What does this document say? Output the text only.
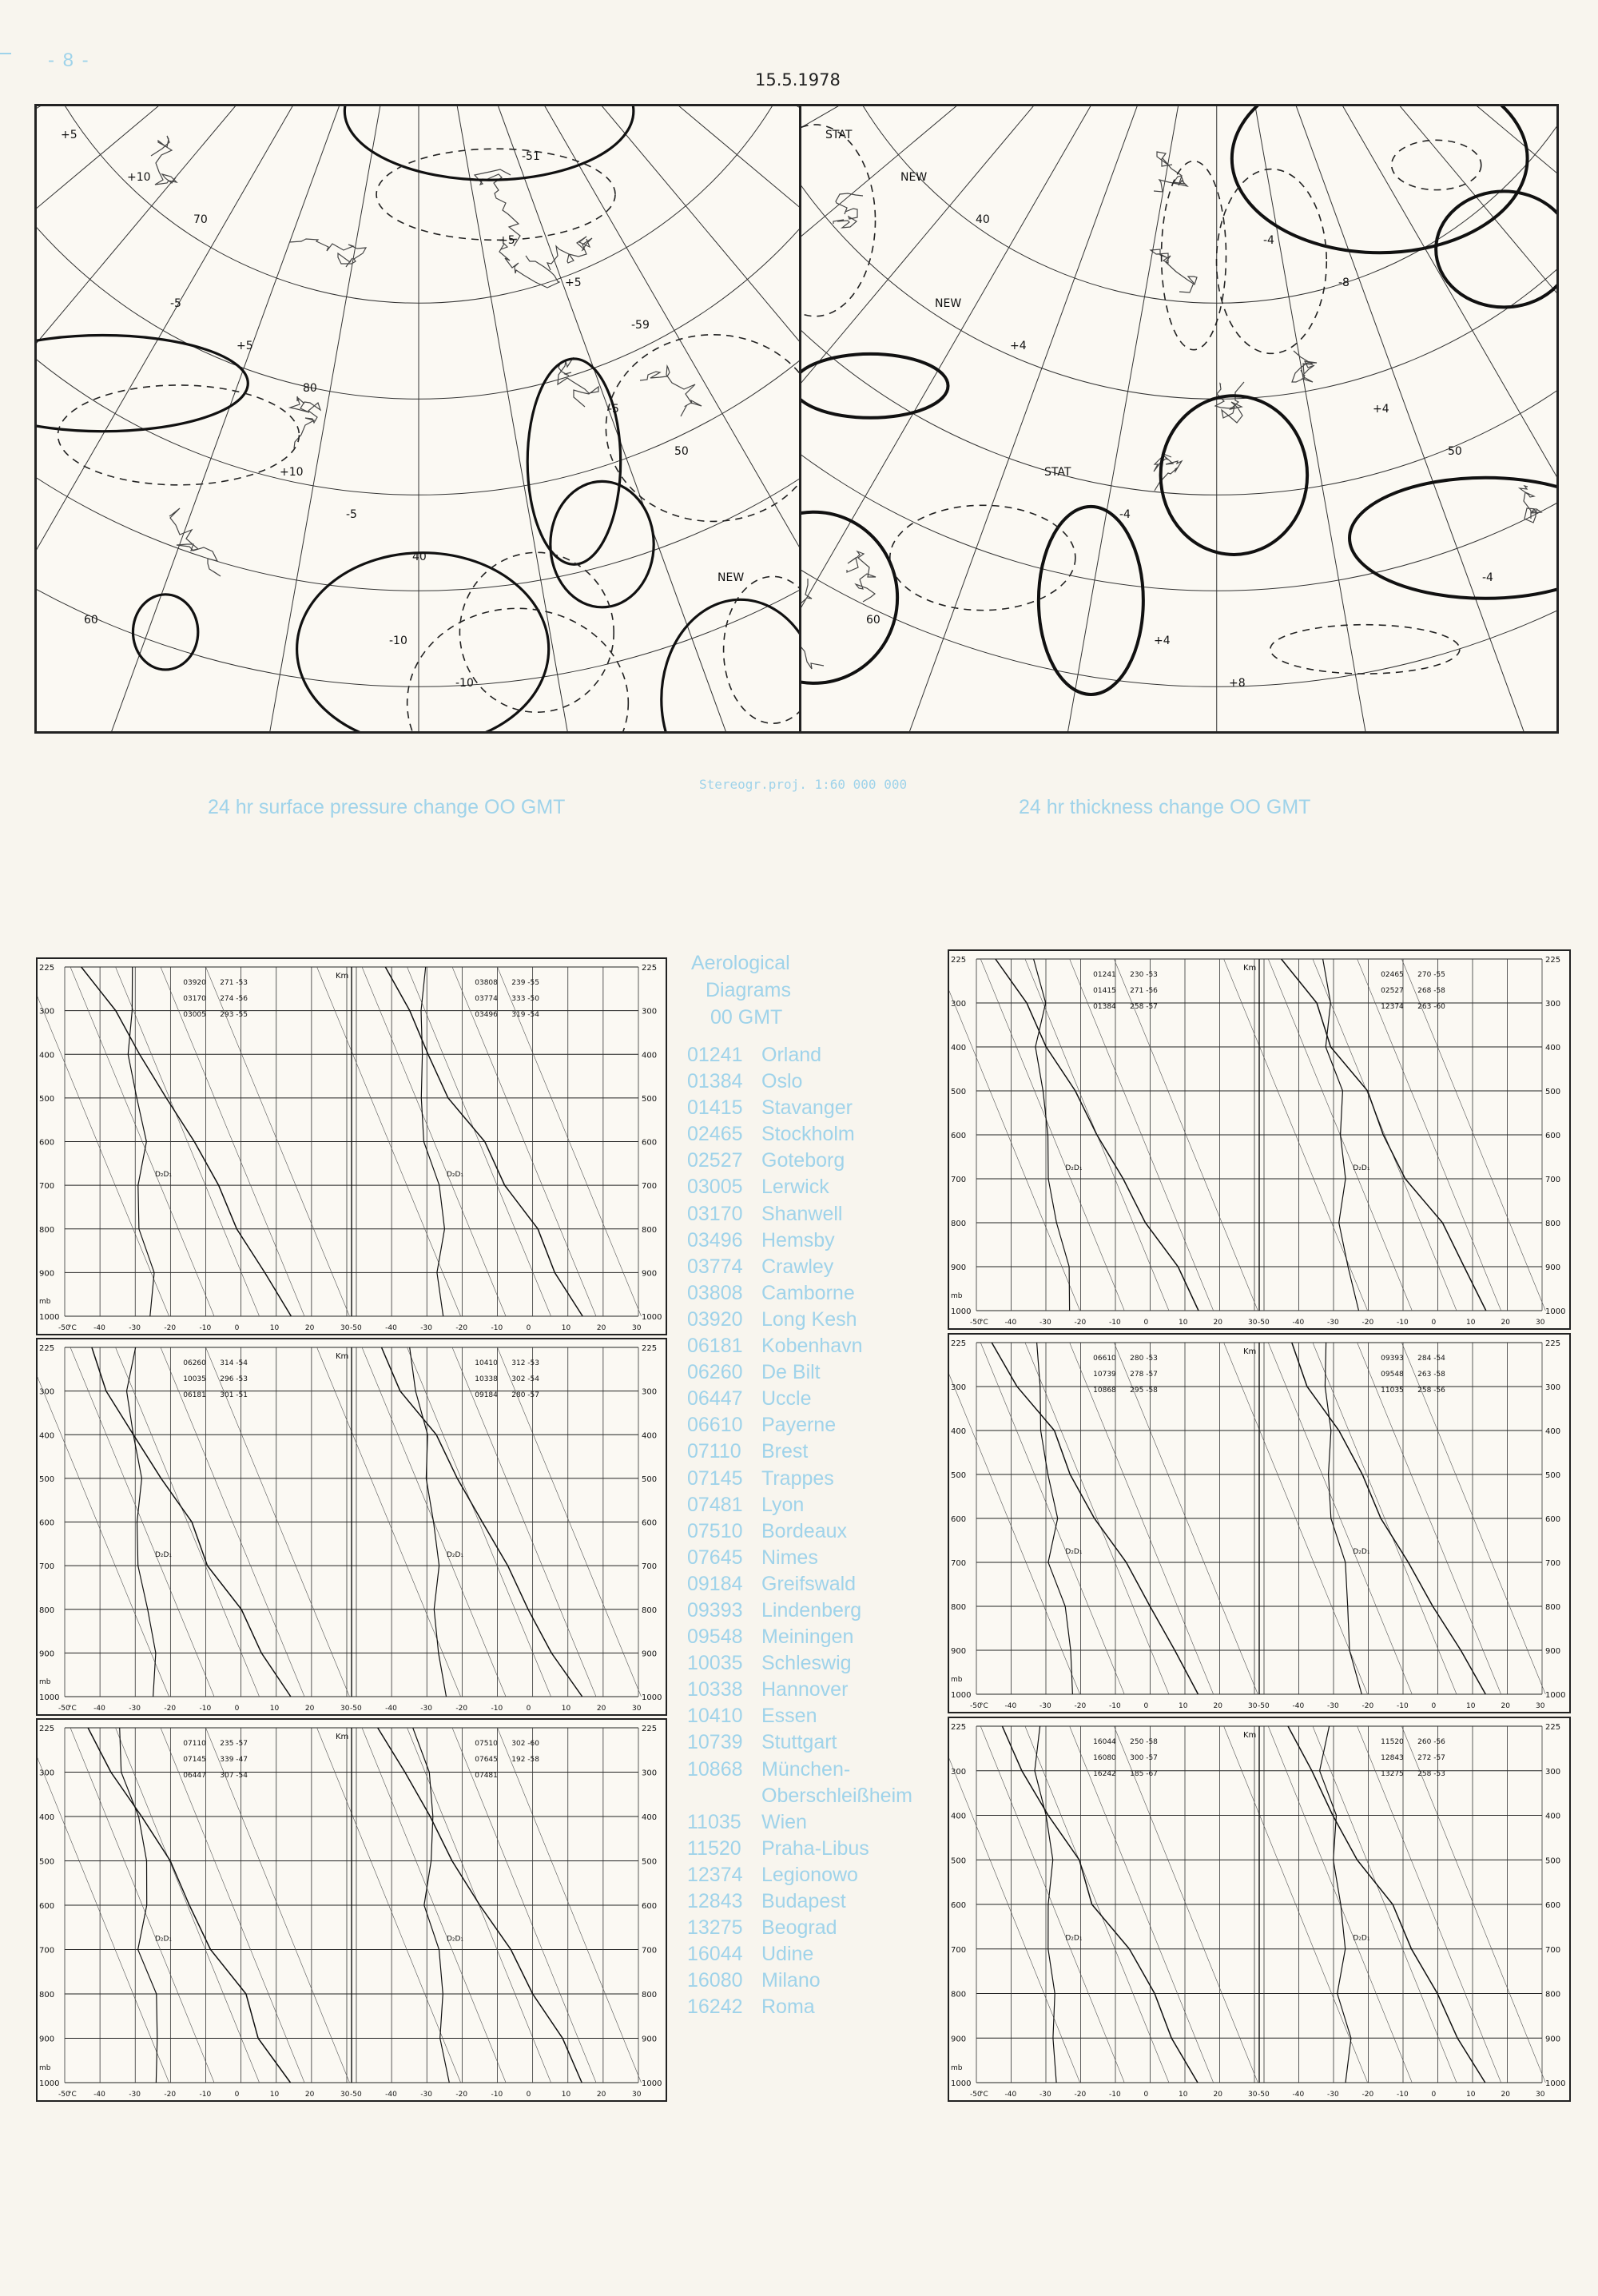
- 8 -
15.5.1978
+5
-5
+10
-10
+5
-5
NEW
+10
+5
-5
-10
+5
50
60
70
80
40
-51
-59
STAT
NEW
STAT
+4
-4
+4
-4
NEW
+4
-4
+8
-8
50
60
40
Stereogr.proj. 1:60 000 000
24 hr surface pressure change OO GMT	24 hr thickness change OO GMT
225	225
300	300
400	400
500	500
600	600
700	700
800	800
900	900
1000	1000
-50	-40	-30	-20	-10	0	10	20	30
03920 271 -53
03170 274 -56
03005 293 -55
D₂D₁
-50	-40	-30	-20	-10	0	10	20	30
03808 239 -55
03774 333 -50
03496 319 -54
D₂D₁
Km
°C
mb
225	225
300	300
400	400
500	500
600	600
700	700
800	800
900	900
1000	1000
-50	-40	-30	-20	-10	0	10	20	30
06260 314 -54
10035 296 -53
06181 301 -51
D₂D₁
-50	-40	-30	-20	-10	0	10	20	30
10410 312 -53
10338 302 -54
09184 280 -57
D₂D₁
Km
°C
mb
225	225
300	300
400	400
500	500
600	600
700	700
800	800
900	900
1000	1000
-50	-40	-30	-20	-10	0	10	20	30
07110 235 -57
07145 339 -47
06447 307 -54
D₂D₁
-50	-40	-30	-20	-10	0	10	20	30
07510 302 -60
07645 192 -58
07481
D₂D₁
Km
°C
mb
225	225
300	300
400	400
500	500
600	600
700	700
800	800
900	900
1000	1000
-50	-40	-30	-20	-10	0	10	20	30
01241 230 -53
01415 271 -56
01384 258 -57
D₂D₁
-50	-40	-30	-20	-10	0	10	20	30
02465 270 -55
02527 268 -58
12374 263 -60
D₂D₁
Km
°C
mb
225	225
300	300
400	400
500	500
600	600
700	700
800	800
900	900
1000	1000
-50	-40	-30	-20	-10	0	10	20	30
06610 280 -53
10739 278 -57
10868 295 -58
D₂D₁
-50	-40	-30	-20	-10	0	10	20	30
09393 284 -54
09548 263 -58
11035 258 -56
D₂D₁
Km
°C
mb
225	225
300	300
400	400
500	500
600	600
700	700
800	800
900	900
1000	1000
-50	-40	-30	-20	-10	0	10	20	30
16044 250 -58
16080 300 -57
16242 185 -67
D₂D₁
-50	-40	-30	-20	-10	0	10	20	30
11520 260 -56
12843 272 -57
13275 258 -53
D₂D₁
Km
°C
mb
Aerological
Diagrams
00 GMT
01241 Orland
01384 Oslo
01415 Stavanger
02465 Stockholm
02527 Goteborg
03005 Lerwick
03170 Shanwell
03496 Hemsby
03774 Crawley
03808 Camborne
03920 Long Kesh
06181 Kobenhavn
06260 De Bilt
06447 Uccle
06610 Payerne
07110	Brest
07145 Trappes
07481 Lyon
07510 Bordeaux
07645 Nimes
09184 Greifswald
09393 Lindenberg
09548 Meiningen
10035 Schleswig
10338 Hannover
10410 Essen
10739 Stuttgart
10868 München-
Oberschleißheim
11035	Wien
11520	Praha-Libus
12374 Legionowo
12843 Budapest
13275 Beograd
16044 Udine
16080 Milano
16242 Roma
